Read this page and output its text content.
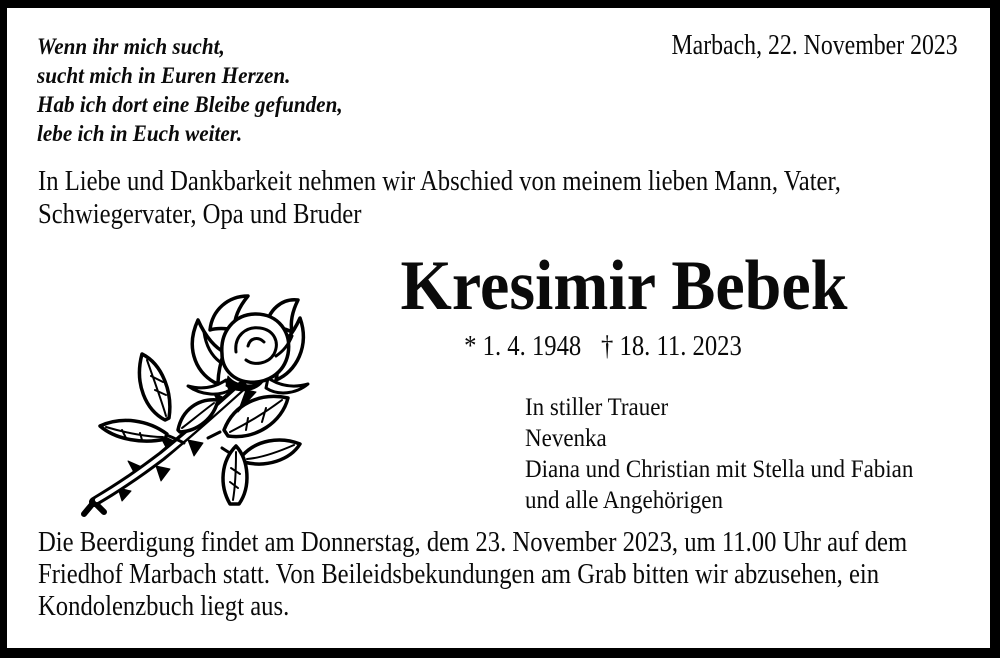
Wenn ihr mich sucht,
sucht mich in Euren Herzen.
Hab ich dort eine Bleibe gefunden,
lebe ich in Euch weiter.
Marbach, 22. November 2023
In Liebe und Dankbarkeit nehmen wir Abschied von meinem lieben Mann, Vater,
Schwiegervater, Opa und Bruder
Kresimir Bebek
* 1. 4. 1948 † 18. 11. 2023
In stiller Trauer
Nevenka
Diana und Christian mit Stella und Fabian
und alle Angehörigen
Die Beerdigung findet am Donnerstag, dem 23. November 2023, um 11.00 Uhr auf dem
Friedhof Marbach statt. Von Beileidsbekundungen am Grab bitten wir abzusehen, ein
Kondolenzbuch liegt aus.
